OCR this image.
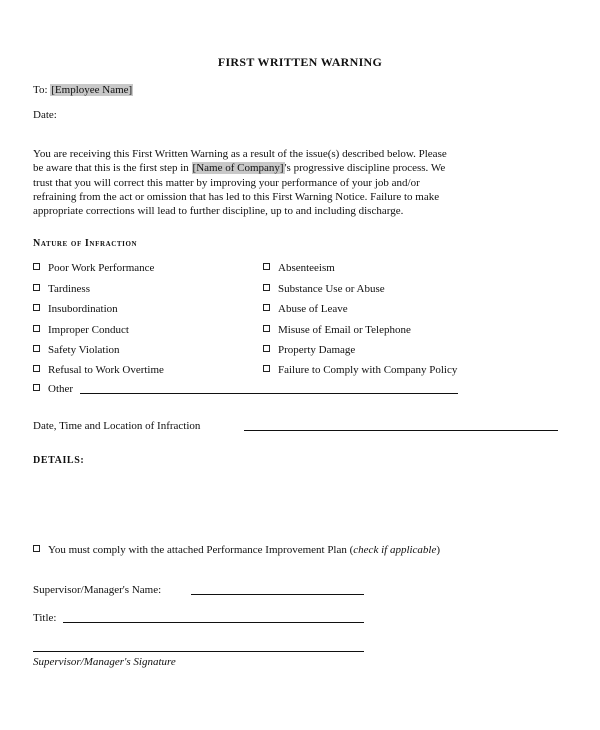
FIRST WRITTEN WARNING
To: [Employee Name]
Date:
You are receiving this First Written Warning as a result of the issue(s) described below. Please
be aware that this is the first step in [Name of Company]'s progressive discipline process. We
trust that you will correct this matter by improving your performance of your job and/or
refraining from the act or omission that has led to this First Warning Notice. Failure to make
appropriate corrections will lead to further discipline, up to and including discharge.
Nature of Infraction
Poor Work Performance
Tardiness
Insubordination
Improper Conduct
Safety Violation
Refusal to Work Overtime
Other
Absenteeism
Substance Use or Abuse
Abuse of Leave
Misuse of Email or Telephone
Property Damage
Failure to Comply with Company Policy
Date, Time and Location of Infraction
DETAILS:
You must comply with the attached Performance Improvement Plan (check if applicable)
Supervisor/Manager's Name:
Title:
Supervisor/Manager's Signature
